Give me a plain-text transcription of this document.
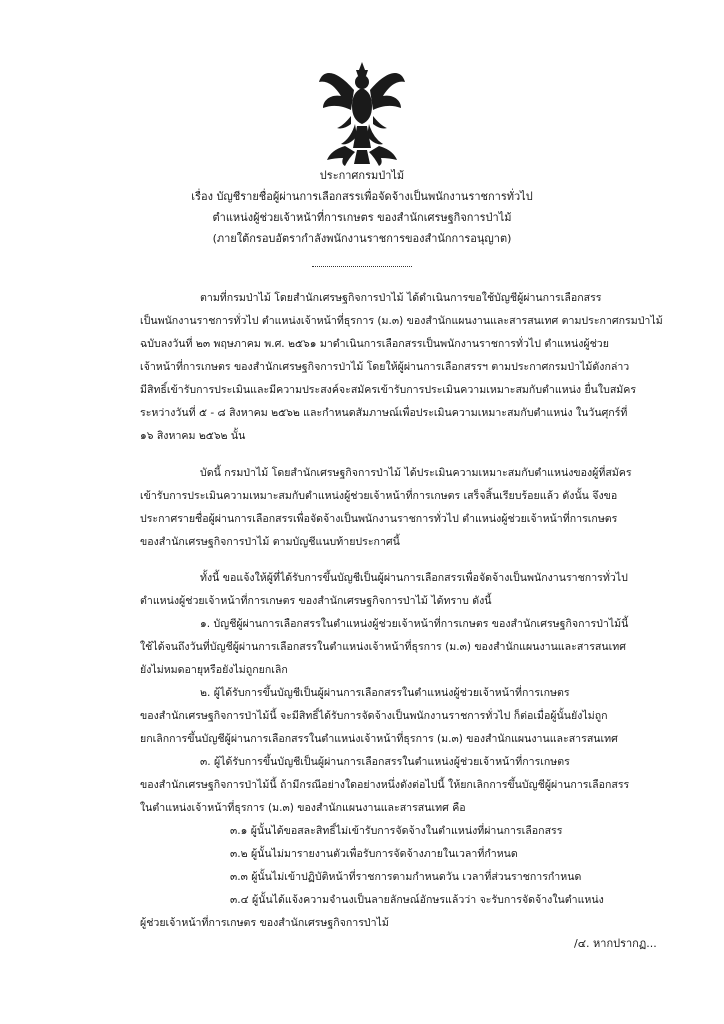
ประกาศกรมป่าไม้
เรื่อง บัญชีรายชื่อผู้ผ่านการเลือกสรรเพื่อจัดจ้างเป็นพนักงานราชการทั่วไป
ตำแหน่งผู้ช่วยเจ้าหน้าที่การเกษตร ของสำนักเศรษฐกิจการป่าไม้
(ภายใต้กรอบอัตรากำลังพนักงานราชการของสำนักการอนุญาต)
ตามที่กรมป่าไม้ โดยสำนักเศรษฐกิจการป่าไม้ ได้ดำเนินการขอใช้บัญชีผู้ผ่านการเลือกสรร
เป็นพนักงานราชการทั่วไป ตำแหน่งเจ้าหน้าที่ธุรการ (ม.๓) ของสำนักแผนงานและสารสนเทศ ตามประกาศกรมป่าไม้
ฉบับลงวันที่ ๒๓ พฤษภาคม พ.ศ. ๒๕๖๑ มาดำเนินการเลือกสรรเป็นพนักงานราชการทั่วไป ตำแหน่งผู้ช่วย
เจ้าหน้าที่การเกษตร ของสำนักเศรษฐกิจการป่าไม้ โดยให้ผู้ผ่านการเลือกสรรฯ ตามประกาศกรมป่าไม้ดังกล่าว
มีสิทธิ์เข้ารับการประเมินและมีความประสงค์จะสมัครเข้ารับการประเมินความเหมาะสมกับตำแหน่ง ยื่นใบสมัคร
ระหว่างวันที่ ๕ - ๘ สิงหาคม ๒๕๖๒ และกำหนดสัมภาษณ์เพื่อประเมินความเหมาะสมกับตำแหน่ง ในวันศุกร์ที่
๑๖ สิงหาคม ๒๕๖๒ นั้น
บัดนี้ กรมป่าไม้ โดยสำนักเศรษฐกิจการป่าไม้ ได้ประเมินความเหมาะสมกับตำแหน่งของผู้ที่สมัคร
เข้ารับการประเมินความเหมาะสมกับตำแหน่งผู้ช่วยเจ้าหน้าที่การเกษตร เสร็จสิ้นเรียบร้อยแล้ว ดังนั้น จึงขอ
ประกาศรายชื่อผู้ผ่านการเลือกสรรเพื่อจัดจ้างเป็นพนักงานราชการทั่วไป ตำแหน่งผู้ช่วยเจ้าหน้าที่การเกษตร
ของสำนักเศรษฐกิจการป่าไม้ ตามบัญชีแนบท้ายประกาศนี้
ทั้งนี้ ขอแจ้งให้ผู้ที่ได้รับการขึ้นบัญชีเป็นผู้ผ่านการเลือกสรรเพื่อจัดจ้างเป็นพนักงานราชการทั่วไป
ตำแหน่งผู้ช่วยเจ้าหน้าที่การเกษตร ของสำนักเศรษฐกิจการป่าไม้ ได้ทราบ ดังนี้
๑. บัญชีผู้ผ่านการเลือกสรรในตำแหน่งผู้ช่วยเจ้าหน้าที่การเกษตร ของสำนักเศรษฐกิจการป่าไม้นี้
ใช้ได้จนถึงวันที่บัญชีผู้ผ่านการเลือกสรรในตำแหน่งเจ้าหน้าที่ธุรการ (ม.๓) ของสำนักแผนงานและสารสนเทศ
ยังไม่หมดอายุหรือยังไม่ถูกยกเลิก
๒. ผู้ได้รับการขึ้นบัญชีเป็นผู้ผ่านการเลือกสรรในตำแหน่งผู้ช่วยเจ้าหน้าที่การเกษตร
ของสำนักเศรษฐกิจการป่าไม้นี้ จะมีสิทธิ์ได้รับการจัดจ้างเป็นพนักงานราชการทั่วไป ก็ต่อเมื่อผู้นั้นยังไม่ถูก
ยกเลิกการขึ้นบัญชีผู้ผ่านการเลือกสรรในตำแหน่งเจ้าหน้าที่ธุรการ (ม.๓) ของสำนักแผนงานและสารสนเทศ
๓. ผู้ได้รับการขึ้นบัญชีเป็นผู้ผ่านการเลือกสรรในตำแหน่งผู้ช่วยเจ้าหน้าที่การเกษตร
ของสำนักเศรษฐกิจการป่าไม้นี้ ถ้ามีกรณีอย่างใดอย่างหนึ่งดังต่อไปนี้ ให้ยกเลิกการขึ้นบัญชีผู้ผ่านการเลือกสรร
ในตำแหน่งเจ้าหน้าที่ธุรการ (ม.๓) ของสำนักแผนงานและสารสนเทศ คือ
๓.๑ ผู้นั้นได้ขอสละสิทธิ์ไม่เข้ารับการจัดจ้างในตำแหน่งที่ผ่านการเลือกสรร
๓.๒ ผู้นั้นไม่มารายงานตัวเพื่อรับการจัดจ้างภายในเวลาที่กำหนด
๓.๓ ผู้นั้นไม่เข้าปฏิบัติหน้าที่ราชการตามกำหนดวัน เวลาที่ส่วนราชการกำหนด
๓.๔ ผู้นั้นได้แจ้งความจำนงเป็นลายลักษณ์อักษรแล้วว่า จะรับการจัดจ้างในตำแหน่ง
ผู้ช่วยเจ้าหน้าที่การเกษตร ของสำนักเศรษฐกิจการป่าไม้
/๔. หากปรากฏ...
